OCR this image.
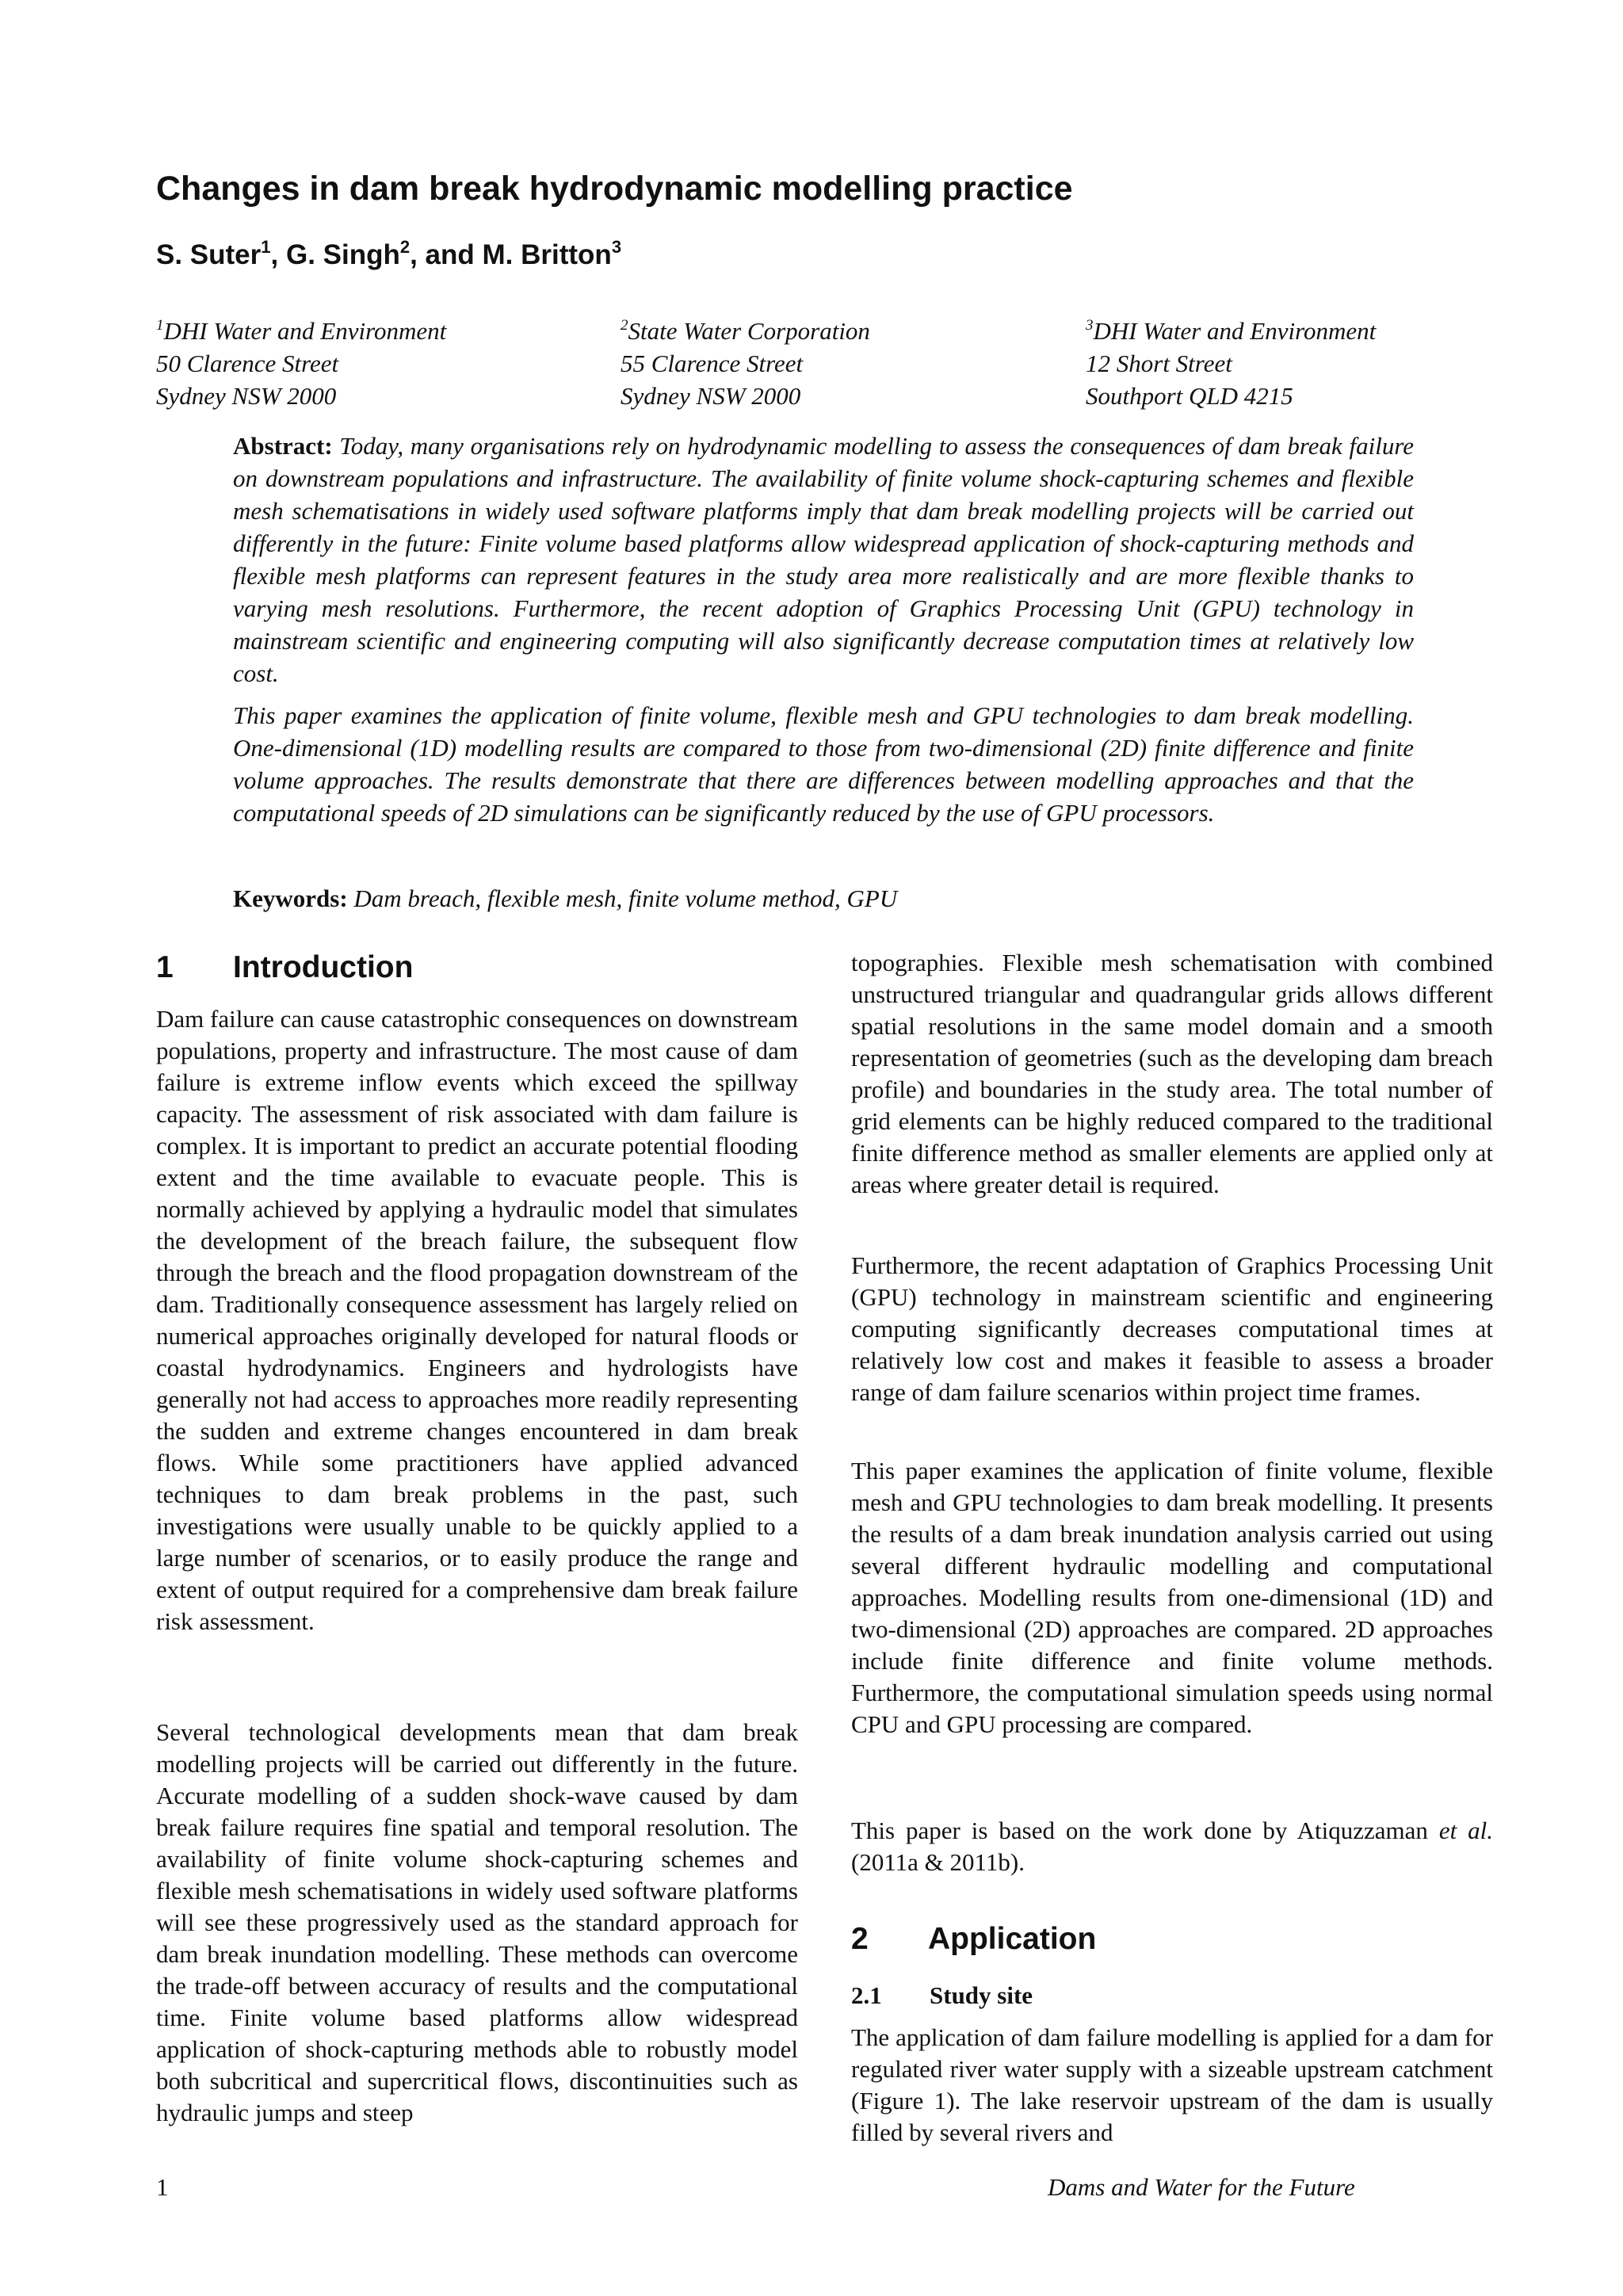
Changes in dam break hydrodynamic modelling practice
S. Suter$^1$, G. Singh$^2$, and M. Britton$^3$
$^1$DHI Water and Environment
50 Clarence Street
Sydney NSW 2000
$^2$State Water Corporation
55 Clarence Street
Sydney NSW 2000
$^3$DHI Water and Environment
12 Short Street
Southport QLD 4215

Abstract: Today, many organisations rely on hydrodynamic modelling to assess the consequences of dam break failure on downstream populations and infrastructure. The availability of finite volume shock-capturing schemes and flexible mesh schematisations in widely used software platforms imply that dam break modelling projects will be carried out differently in the future: Finite volume based platforms allow widespread application of shock-capturing methods and flexible mesh platforms can represent features in the study area more realistically and are more flexible thanks to varying mesh resolutions. Furthermore, the recent adoption of Graphics Processing Unit (GPU) technology in mainstream scientific and engineering computing will also significantly decrease computation times at relatively low cost.

This paper examines the application of finite volume, flexible mesh and GPU technologies to dam break modelling. One-dimensional (1D) modelling results are compared to those from two-dimensional (2D) finite difference and finite volume approaches. The results demonstrate that there are differences between modelling approaches and that the computational speeds of 2D simulations can be significantly reduced by the use of GPU processors.

Keywords: Dam breach, flexible mesh, finite volume method, GPU

1 Introduction

Dam failure can cause catastrophic consequences on downstream populations, property and infrastructure. The most cause of dam failure is extreme inflow events which exceed the spillway capacity. The assessment of risk associated with dam failure is complex. It is important to predict an accurate potential flooding extent and the time available to evacuate people. This is normally achieved by applying a hydraulic model that simulates the development of the breach failure, the subsequent flow through the breach and the flood propagation downstream of the dam. Traditionally consequence assessment has largely relied on numerical approaches originally developed for natural floods or coastal hydrodynamics. Engineers and hydrologists have generally not had access to approaches more readily representing the sudden and extreme changes encountered in dam break flows. While some practitioners have applied advanced techniques to dam break problems in the past, such investigations were usually unable to be quickly applied to a large number of scenarios, or to easily produce the range and extent of output required for a comprehensive dam break failure risk assessment.

Several technological developments mean that dam break modelling projects will be carried out differently in the future. Accurate modelling of a sudden shock-wave caused by dam break failure requires fine spatial and temporal resolution. The availability of finite volume shock-capturing schemes and flexible mesh schematisations in widely used software platforms will see these progressively used as the standard approach for dam break inundation modelling. These methods can overcome the trade-off between accuracy of results and the computational time. Finite volume based platforms allow widespread application of shock-capturing methods able to robustly model both subcritical and supercritical flows, discontinuities such as hydraulic jumps and steep

topographies. Flexible mesh schematisation with combined unstructured triangular and quadrangular grids allows different spatial resolutions in the same model domain and a smooth representation of geometries (such as the developing dam breach profile) and boundaries in the study area. The total number of grid elements can be highly reduced compared to the traditional finite difference method as smaller elements are applied only at areas where greater detail is required.

Furthermore, the recent adaptation of Graphics Processing Unit (GPU) technology in mainstream scientific and engineering computing significantly decreases computational times at relatively low cost and makes it feasible to assess a broader range of dam failure scenarios within project time frames.

This paper examines the application of finite volume, flexible mesh and GPU technologies to dam break modelling. It presents the results of a dam break inundation analysis carried out using several different hydraulic modelling and computational approaches. Modelling results from one-dimensional (1D) and two-dimensional (2D) approaches are compared. 2D approaches include finite difference and finite volume methods. Furthermore, the computational simulation speeds using normal CPU and GPU processing are compared.

This paper is based on the work done by Atiquzzaman et al. (2011a & 2011b).

2 Application
2.1 Study site

The application of dam failure modelling is applied for a dam for regulated river water supply with a sizeable upstream catchment (Figure 1). The lake reservoir upstream of the dam is usually filled by several rivers and

1	Dams and Water for the Future
